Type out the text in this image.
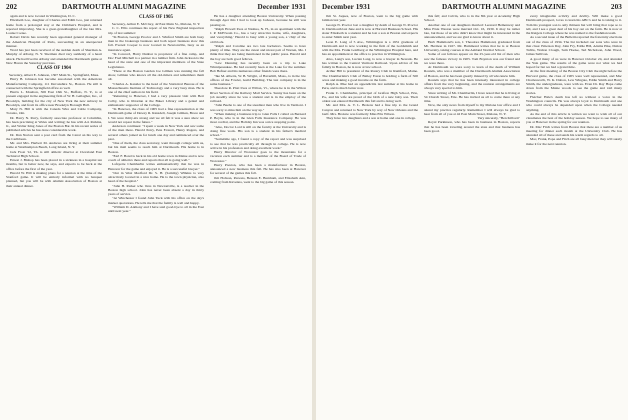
202	DARTMOUTH ALUMNI MAGAZINE	December 1931

again and is now located in Washington, D. C.

Elizabeth Loo, daughter of Charles and Edith Loo, just returned home from a prolonged stay at the Children's Hospital, and is reported improving. She is a great-granddaughter of the late Mrs. Louise Cooke.

Robert Davis has recently been appointed general manager of the American Hospital of Paris, succeeding in an unexpected manner.

Word has just been received of the sudden death of Sherman A. Murphy of Albany, N. Y. Sherman died very suddenly of a heart attack. He had lived in Albany and attended the Dartmouth game at New Haven the Saturday previous.

CLASS OF 1904

Secretary, Albert E. Johnson, 1307 Main St., Springfield, Mass.

Harry B. Johnson has become associated with the American Manufacturing Company, 111 Devonshire St., Boston. He still is connected with the Springfield office as well.

Harris L. Moulton, 306 East 16th St., Buffalo, N. Y., is at present engaged in the engineering firm of W. H. Gallagher, Inc., of Brooklyn, building for the city of New York the new subway in Brooklyn, and from its office near Brooklyn Borough Hall.

Mary N. Hill is with the Canada Wire and Cable Company, Toronto, Ont.

Dr. Harry N. Perry, formerly associate professor at Columbia, has been practising at Wales and writing; he has with Ad. Perkins, Jr., and Walter King Jones of the Boston Bar. In his recent series of published articles he has done considerable work.

Dr. Dan Norton sent a post card from the Canal on his way to the Caribbean.

Mr. and Mrs. Herbert M. Andrews are living at their summer home at Westhampton Beach, Long Island, N. Y.

Jack Frost '12, Th. is still athletic director at Cleveland East Technical High School.

Ernest J. Bishop has been placed in a sickness in a hospital ten months, but is better now, he says, and expects to be back at the office before the first of the year.

Harold W. Hill is making plans for a reunion at the time of the Stanford game. It will be entirely informal with no banquet planned, but you will be with Alumni Association of Boston at their annual dinner.

CLASS OF 1905

Secretary, Arthur E. McClary, 42 East Main St., Malone, N. Y.

C. C. Ellis continues his report of his New England inspection trip of last summer:

"In Boston, George Proctor and J. Winfred Smith are both busy men in the brokerage business and both report business slow this fall. Everett Cooper is now located in Newtonville, busy as an insurance agent.

"In Concord, Harry Dunbar is proprietor of a fine camp, and Doc Fred Mitchell is a partner in a lumber firm. John Jackson is the head of the state and one of the important members of the State Legislature.

"There at the Boston Garden Joe Gilman was running the fall show, Gilman who knows all the old-timers and remembers them all.

"Charles A. Kanzler is the head of the Statistical Bureau of the Massachusetts Institute of Technology and a very busy man. He is one of the chief authors in his field.

"Returning to Hanover, I had a very pleasant visit with Bert Colby, who is librarian at the Baker Library and a genial and enthusiastic supporter of the College.

"In Hanover, the class of 1905 had a fine representation at the Dartmouth game of Dewey R. Ransdell, Joseph Gilman, Brace and I. We were thirty-six strong and we all felt it was a sure show we would not repeat in the future."

Anderson continues: "I spent a week in New York and saw some of the men there. Harold Perry, Pete Everett, Henry Rogers, and several others joined us for lunch one day and reminisced over the past.

"One of them, the class secretary, went through college with us, but his mail seems to reach him at Dartmouth. His home is in Boston.

"Earl F. Bond is back in his old home town in Maine and is now coach of athletics there and reports that all is going well."

Lafayette Chamberlin writes enthusiastically that he was in Hanover for the game and enjoyed it. He is a successful lawyer."

"Out in West Medford Dr. S. H. (Sammy) Wilkins is very attractively located in a nice home. He is the town physician, also head of the hospital."

"John H. Parker who lives in Newtonville, is a teacher in the Boston high school. John has never been absent a day in thirty years of service.

"At Winchester I found John Tuck with his office on the day's market quotations. He tells me that the family is well and happy.

"William D. Anthony and I have said good-bye to all in the East until next year."

He has a daughter attending Boston University. When passing through Ayer this I had to look up Jackson, because he still was passing on.

"Ralph Howell lives at Nashua, N. H., in an apartment with the J. P. McElwain Co., has a very attractive home, wife, daughters, and 'everything.' Harold is busy with a young son, a 'chip' of the old block.

"Ralph and Caroline are two late bachelors. Seems to have plenty of time. They are the cutest and nicest pair of Warren, Me. I think that they are being mentioned in the public press. Harold and the boy are both good fellows.

"Lew Dunning has recently been on a trip to Lake Winnipesaukee. He had recently been at the Lake for the summer. Bob Hefner and his numerous other friends were there.

"Ike M. Alberts, W. B. Wright, of Haverhill, Mass., is in the law offices of the Fowler, Guild Building. The last company is in the same business."

Theodore R. Platt lives at Wilton, Vt., where he is in the Wilton River Section of the Railway Mail Service. Sunny has been on the job steadily since he was a student and is in the employ of the railroad.

"John Beebe is one of the steadiest men who live in Vermont. I was sorry to miss him on the way up."

"When making a business trip to Glen Falls I called on Bernard P. Boyle, who is in the Glen Falls Insurance Company. He was most cordial, and the Holiday Inn was a nice stopping point.

"Also, Doctor Lord is still on the faculty at the University and is doing fine work. His son is a student in his father's medical school."

"Sometime ago, I found a copy of the report and was surprised to see that he was practically all through in college. He is now active in his profession and doing excellent work."

Harry Director of Worcester goes to the mountains for a vacation each summer and is a member of the Board of Trade of Worcester."

Harry Preston, who has been a manufacturer in Boston, announced a new business this fall. He has also been at Hanover for several of the games this fall.

Jim Hobson, Parsons, Benson E. Burnham, and Elisabeth Ann, coming from Ravenna, went to the big game of this season.

December 1931	DARTMOUTH ALUMNI MAGAZINE	203

Jim St. Jaques, now of Boston, went to the big game with Gilman last year.

George N. Proctor lost a daughter by death of George N. Proctor Jr. Dartmouth last June and is now at Harvard Business School. His sister Elisabeth is a student and he lost a son at Boston and expects to enter Smith next year.

Leon E. Lang of 5 Ave., Wilmington is a 1931 graduate of Dartmouth and is now working in the firm of the Goldsmith and with the Mrs. Frank Goldberg at the Wilmington Hospital here, and has an appointment at the office to practice in Wilmington.

Also, Lang's son, Lucian Lang, is now a lawyer in Newark. He has written to the Central Vermont Railroad. Upon advice of his family in Boston, he is now at law school.

Arthur Hill is president of the Rotary Club in Rumford, Maine. The Chamberlain's Club of Bailey Eaton is holding a farm of 500 acres and making a good income on the farm.

Ralph A. Pike had an appendicitis last summer at his home in Peru, and is much better now.

Frank C. Chamberlin, principal of Grafton High School, Erie, Pa., and his wife are proud of the birth of a new baby son. Their oldest son entered Dartmouth this fall and is doing well.

Mr. and Mrs. A. V. L. Brokaw had a fine trip to the Grand Canyon and returned to New York by way of New Orleans and the Gulf. Mrs. Brokaw was formerly Miss Ella Wilson.

They have two daughters and a son at home and one in college.

this fall; and Calvin, who is in the 8th year at Academy High School.

Another one of our daughters married: Leonard Hemenway and Miss Elsie Weston were married Oct. 16, 1930. It may be rather late, but those of us who didn't know that might be interested in the announcement, and we are glad to know about it.

Herb Hammond's son, J. Theodore Hammond, graduated from Mt. Hermon in 1927. Mr. Hammond writes that he is at Boston University, taking courses at the Ashland Normal School.

Some of our fellows appear on the 25-year-old list of men who saw the famous victory in 1905. Tom Boynton was our friend and we were there.

At Dartmouth we were sorry to learn of the death of William Rounds, who was a member of the Dartmouth Alumni Association of Boston, and he has been greatly missed by all who knew him.

Rounds says that he has been intensely interested in college affairs from the very beginning, and the reunion arrangements are always very special to him.

Since writing of Mr. Chamberlin, I have noted that he is living at 54 Church Street, Erie. He has invited us all to come there at any time.

Now, the only news from myself is my Malone law office and I attend my practice regularly. Remember I will always be glad to hear from all of you at 42 East Main Street, Malone, N. Y.

Very sincerely, "Ben Kilborn"

Royal Parkinson, who has been in business in Boston, reports that he has been traveling around the state and that business has been good.

every imaginable activity and devilty. Will make a good Dartmouth prospect, loves to learn his ABC's and he is taking to it. Tom his youngest son is only thirteen but will bring that rope so to tell, and I see a great deal of his boy out on the farm. He is now at the Rutgers College where he was named to the freshman team.

As a second issue of the Bulletin reported the fraternity elections out of the class of 1934. The list included our sons who were in that class: Emerson Day, John Fry, Eddie Hill, Adams Pike, Dalton Tubbs, Walton Clough, Sam Hooke, Ted Nicholson, John Wood, James Sullivan.

A good many of us were in Hanover October 24, and attended the Yale game. The results of the game were not what we had hoped for but we had a grand time.

At the first meeting of the Boston City Club the night before the Harvard game, the class of 1905 were well represented, and Mac Charlesworth, W. K. Dalton, Lew Wingate, Eddie Smith and Harry Smith, the undergraduate, were with us. Even Dr. Ray Hope came down from the Maine woods to see the game and told many stories.

Fletcher Hale's death has left us without a voice in the Washington councils. He was always loyal to Dartmouth and one who could always be depended upon when the College needed anything.

As the end of this article is written we want to wish all of our classmates the best of the holiday season. We hope to see many of you at Hanover in the spring for our reunion.

Dr. Mac Fitch writes from Boston that there are a number of us meeting for dinner each month at the University Club. He has attended all of these and sends his warm regards to all.

Mac, Frank, Pope and Fitch are all busy men but they will surely make it for the next reunion.
